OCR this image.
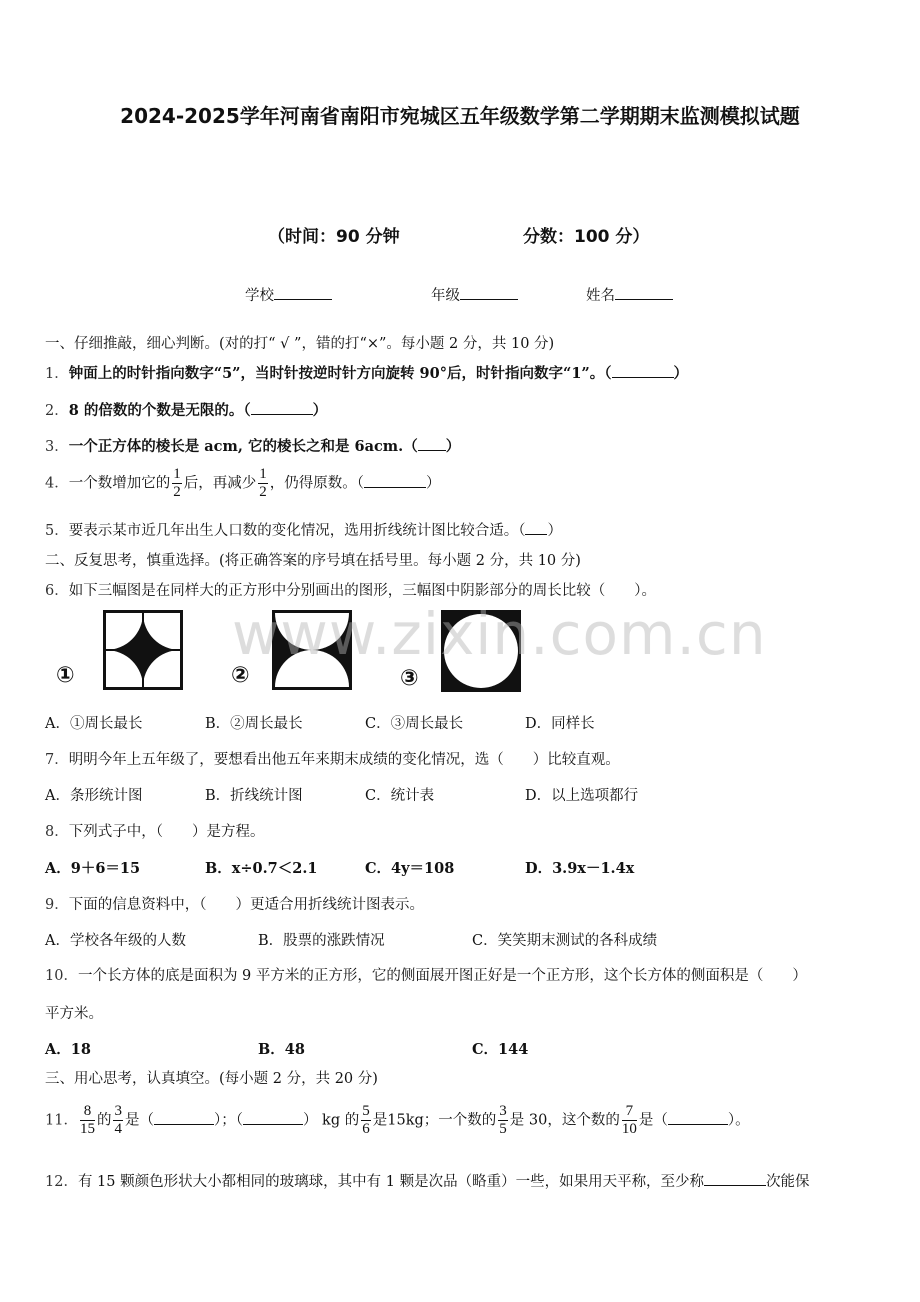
2024-2025学年河南省南阳市宛城区五年级数学第二学期期末监测模拟试题
（时间：90 分钟	分数：100 分）
学校	年级	姓名
一、仔细推敲，细心判断。(对的打“ √ ”，错的打“×”。每小题 2 分，共 10 分)
1．钟面上的时针指向数字“5”，当时针按逆时针方向旋转 90°后，时针指向数字“1”。（	）
2．8 的倍数的个数是无限的。（	）
3．一个正方体的棱长是 acm, 它的棱长之和是 6acm.（ ）
4．一个数增加它的 $\frac{1}{2}$ 后，再减少 $\frac{1}{2}$ ，仍得原数。（	）
5．要表示某市近几年出生人口数的变化情况，选用折线统计图比较合适。（ ）
二、反复思考，慎重选择。(将正确答案的序号填在括号里。每小题 2 分，共 10 分)
6．如下三幅图是在同样大的正方形中分别画出的图形，三幅图中阴影部分的周长比较（　　）。
①	②	③
www.zixin.com.cn
A．①周长最长	B．②周长最长	C．③周长最长	D．同样长
7．明明今年上五年级了，要想看出他五年来期末成绩的变化情况，选（　　）比较直观。
A．条形统计图	B．折线统计图	C．统计表	D．以上选项都行
8．下列式子中，（　　）是方程。
A．9＋6＝15	B．x÷0.7＜2.1	C．4y＝108	D．3.9x－1.4x
9．下面的信息资料中，（　　）更适合用折线统计图表示。
A．学校各年级的人数	B．股票的涨跌情况	C．笑笑期末测试的各科成绩
10．一个长方体的底是面积为 9 平方米的正方形，它的侧面展开图正好是一个正方形，这个长方体的侧面积是（　　）
平方米。
A．18	B．48	C．144
三、用心思考，认真填空。(每小题 2 分，共 20 分)
11． $\frac{8}{15}$ 的 $\frac{3}{4}$ 是（	）；（	） kg 的 $\frac{5}{6}$ 是15kg；一个数的 $\frac{3}{5}$ 是 30，这个数的 $\frac{7}{10}$ 是（	）。
12．有 15 颗颜色形状大小都相同的玻璃球，其中有 1 颗是次品（略重）一些，如果用天平称，至少称	次能保
